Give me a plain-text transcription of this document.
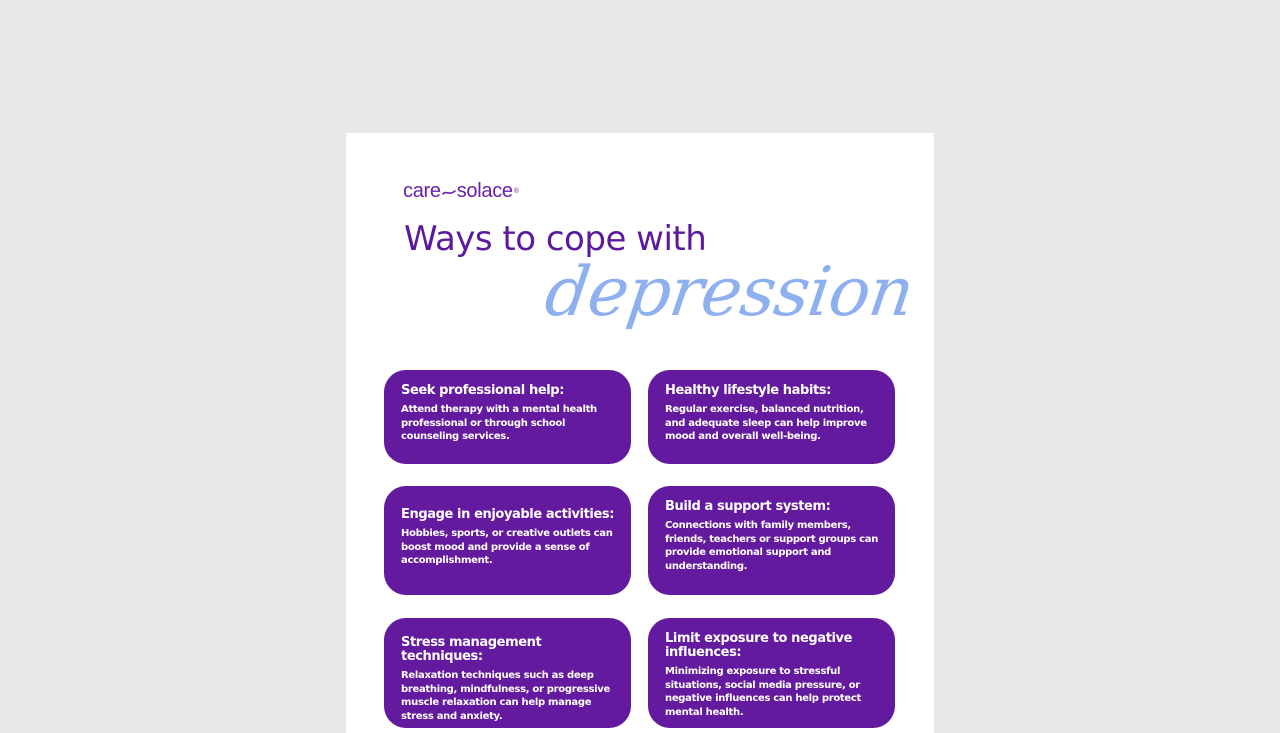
care solace ®
Ways to cope with
depression
Seek professional help:

Attend therapy with a mental health professional or through school counseling services.

Healthy lifestyle habits:

Regular exercise, balanced nutrition, and adequate sleep can help improve mood and overall well-being.

Engage in enjoyable activities:

Hobbies, sports, or creative outlets can boost mood and provide a sense of accomplishment.

Build a support system:

Connections with family members, friends, teachers or support groups can provide emotional support and understanding.

Stress management techniques:

Relaxation techniques such as deep breathing, mindfulness, or progressive muscle relaxation can help manage stress and anxiety.

Limit exposure to negative influences:

Minimizing exposure to stressful situations, social media pressure, or negative influences can help protect mental health.
